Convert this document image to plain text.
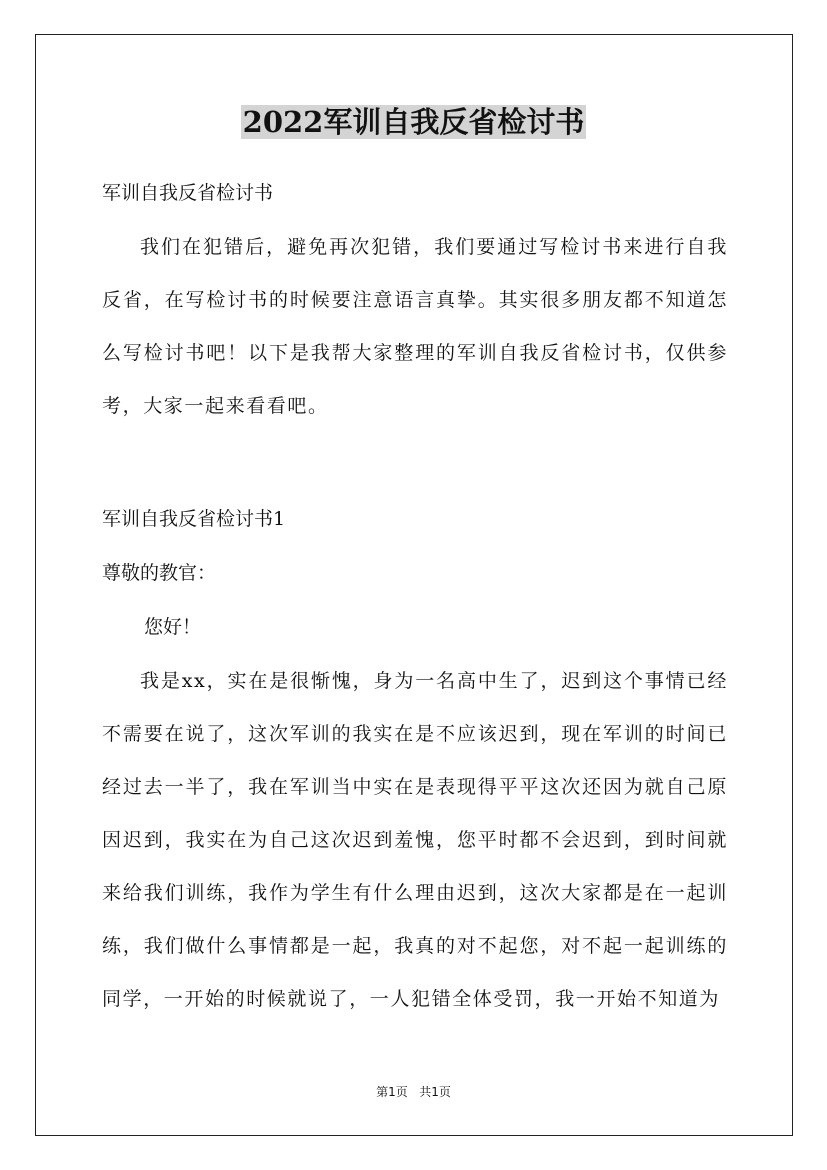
2022军训自我反省检讨书

军训自我反省检讨书

我们在犯错后，避免再次犯错，我们要通过写检讨书来进行自我反省，在写检讨书的时候要注意语言真挚。其实很多朋友都不知道怎么写检讨书吧！以下是我帮大家整理的军训自我反省检讨书，仅供参考，大家一起来看看吧。

军训自我反省检讨书1

尊敬的教官：

您好！

我是xx，实在是很惭愧，身为一名高中生了，迟到这个事情已经不需要在说了，这次军训的我实在是不应该迟到，现在军训的时间已经过去一半了，我在军训当中实在是表现得平平这次还因为就自己原因迟到，我实在为自己这次迟到羞愧，您平时都不会迟到，到时间就来给我们训练，我作为学生有什么理由迟到，这次大家都是在一起训练，我们做什么事情都是一起，我真的对不起您，对不起一起训练的同学，一开始的时候就说了，一人犯错全体受罚，我一开始不知道为

第1页 共1页
